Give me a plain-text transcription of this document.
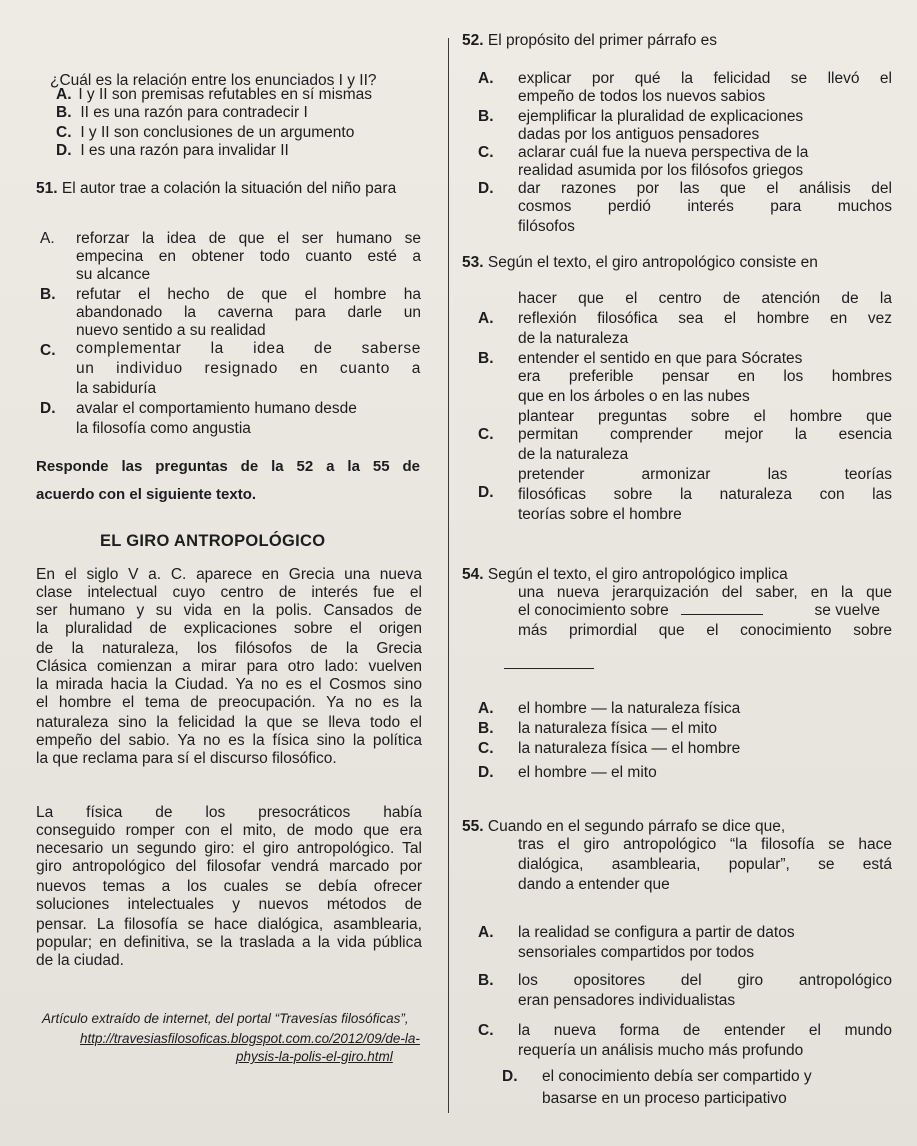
¿Cuál es la relación entre los enunciados I y II?
A. I y II son premisas refutables en sí mismas
B. II es una razón para contradecir I
C. I y II son conclusiones de un argumento
D. I es una razón para invalidar II
51. El autor trae a colación la situación del niño para
A. reforzar la idea de que el ser humano se
empecina en obtener todo cuanto esté a
su alcance
B. refutar el hecho de que el hombre ha
abandonado la caverna para darle un
nuevo sentido a su realidad
C. complementar la idea de saberse
un individuo resignado en cuanto a
la sabiduría
D. avalar el comportamiento humano desde
la filosofía como angustia
Responde las preguntas de la 52 a la 55 de
acuerdo con el siguiente texto.
EL GIRO ANTROPOLÓGICO
En el siglo V a. C. aparece en Grecia una nueva
clase intelectual cuyo centro de interés fue el
ser humano y su vida en la polis. Cansados de
la pluralidad de explicaciones sobre el origen
de la naturaleza, los filósofos de la Grecia
Clásica comienzan a mirar para otro lado: vuelven
la mirada hacia la Ciudad. Ya no es el Cosmos sino
el hombre el tema de preocupación. Ya no es la
naturaleza sino la felicidad la que se lleva todo el
empeño del sabio. Ya no es la física sino la política
la que reclama para sí el discurso filosófico.
La física de los presocráticos había
conseguido romper con el mito, de modo que era
necesario un segundo giro: el giro antropológico. Tal
giro antropológico del filosofar vendrá marcado por
nuevos temas a los cuales se debía ofrecer
soluciones intelectuales y nuevos métodos de
pensar. La filosofía se hace dialógica, asamblearia,
popular; en definitiva, se la traslada a la vida pública
de la ciudad.
Artículo extraído de internet, del portal “Travesías filosóficas”,
http://travesiasfilosoficas.blogspot.com.co/2012/09/de-la-
physis-la-polis-el-giro.html
52. El propósito del primer párrafo es
A. explicar por qué la felicidad se llevó el
empeño de todos los nuevos sabios
B. ejemplificar la pluralidad de explicaciones
dadas por los antiguos pensadores
C. aclarar cuál fue la nueva perspectiva de la
realidad asumida por los filósofos griegos
D. dar razones por las que el análisis del
cosmos perdió interés para muchos
filósofos
53. Según el texto, el giro antropológico consiste en
A.
hacer que el centro de atención de la
reflexión filosófica sea el hombre en vez
de la naturaleza
B. entender el sentido en que para Sócrates
era preferible pensar en los hombres
que en los árboles o en las nubes
C.
plantear preguntas sobre el hombre que
permitan comprender mejor la esencia
de la naturaleza
D.
pretender armonizar las teorías
filosóficas sobre la naturaleza con las
teorías sobre el hombre
54. Según el texto, el giro antropológico implica
una nueva jerarquización del saber, en la que
el conocimiento sobre	se vuelve
más primordial que el conocimiento sobre
A. el hombre — la naturaleza física
B. la naturaleza física — el mito
C. la naturaleza física — el hombre
D. el hombre — el mito
55. Cuando en el segundo párrafo se dice que,
tras el giro antropológico “la filosofía se hace
dialógica, asamblearia, popular”, se está
dando a entender que
A. la realidad se configura a partir de datos
sensoriales compartidos por todos
B. los opositores del giro antropológico
eran pensadores individualistas
C. la nueva forma de entender el mundo
requería un análisis mucho más profundo
D. el conocimiento debía ser compartido y
basarse en un proceso participativo
